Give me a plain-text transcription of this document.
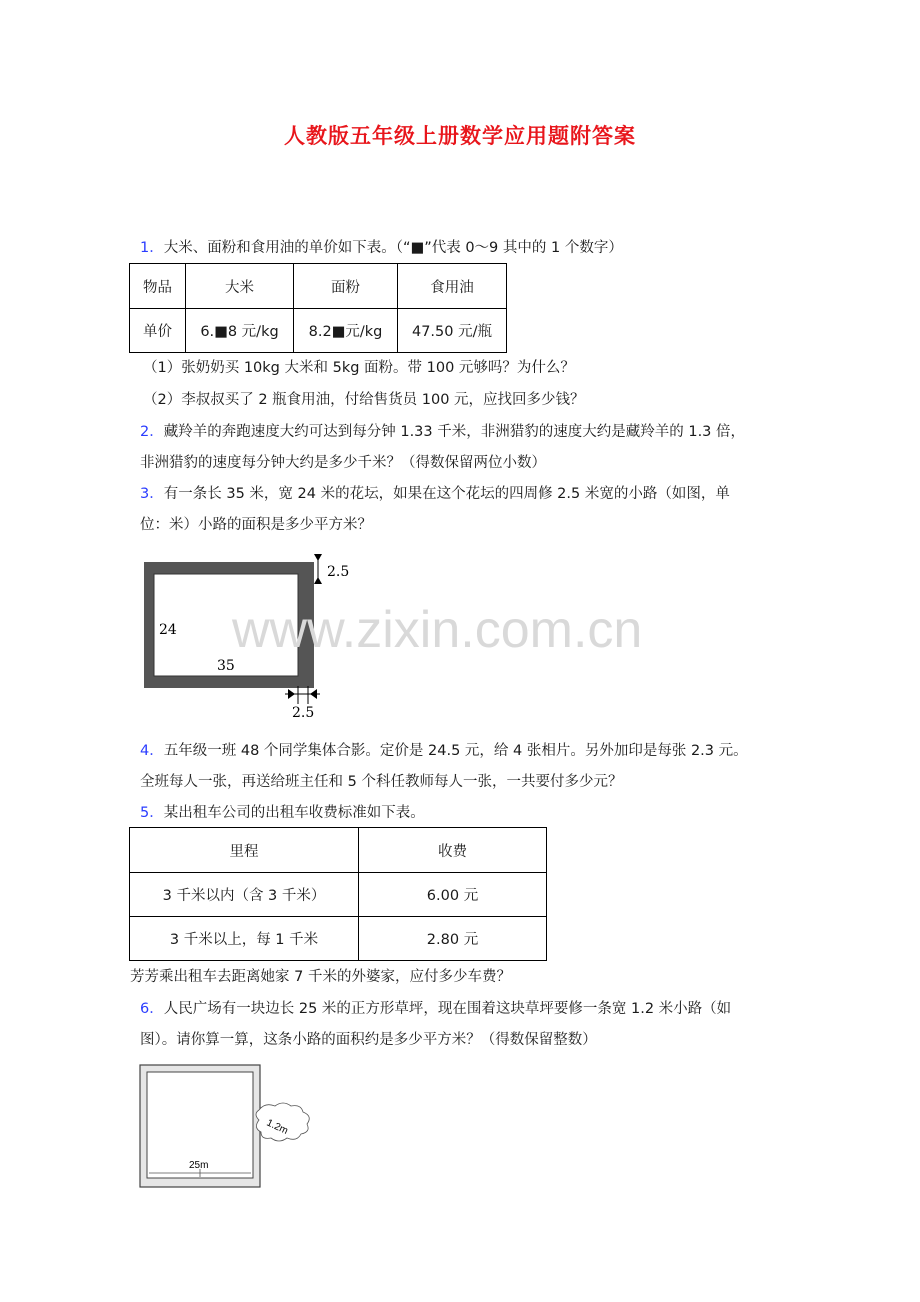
人教版五年级上册数学应用题附答案
1．大米、面粉和食用油的单价如下表。（“■”代表 0～9 其中的 1 个数字）
物品	大米	面粉	食用油
单价	6.■8 元/kg	8.2■元/kg	47.50 元/瓶
（1）张奶奶买 10kg 大米和 5kg 面粉。带 100 元够吗？为什么？
（2）李叔叔买了 2 瓶食用油，付给售货员 100 元，应找回多少钱？
2．藏羚羊的奔跑速度大约可达到每分钟 1.33 千米，非洲猎豹的速度大约是藏羚羊的 1.3 倍，
非洲猎豹的速度每分钟大约是多少千米？（得数保留两位小数）
3．有一条长 35 米，宽 24 米的花坛，如果在这个花坛的四周修 2.5 米宽的小路（如图，单
位：米）小路的面积是多少平方米？
2.5
2.5
24
35
4．五年级一班 48 个同学集体合影。定价是 24.5 元，给 4 张相片。另外加印是每张 2.3 元。
全班每人一张，再送给班主任和 5 个科任教师每人一张，一共要付多少元？
5．某出租车公司的出租车收费标准如下表。
里程	收费
3 千米以内（含 3 千米）	6.00 元
3 千米以上，每 1 千米	2.80 元
芳芳乘出租车去距离她家 7 千米的外婆家，应付多少车费？
6．人民广场有一块边长 25 米的正方形草坪，现在围着这块草坪要修一条宽 1.2 米小路（如
图）。请你算一算，这条小路的面积约是多少平方米？（得数保留整数）
25m
1.2m
www.zixin.com.cn
